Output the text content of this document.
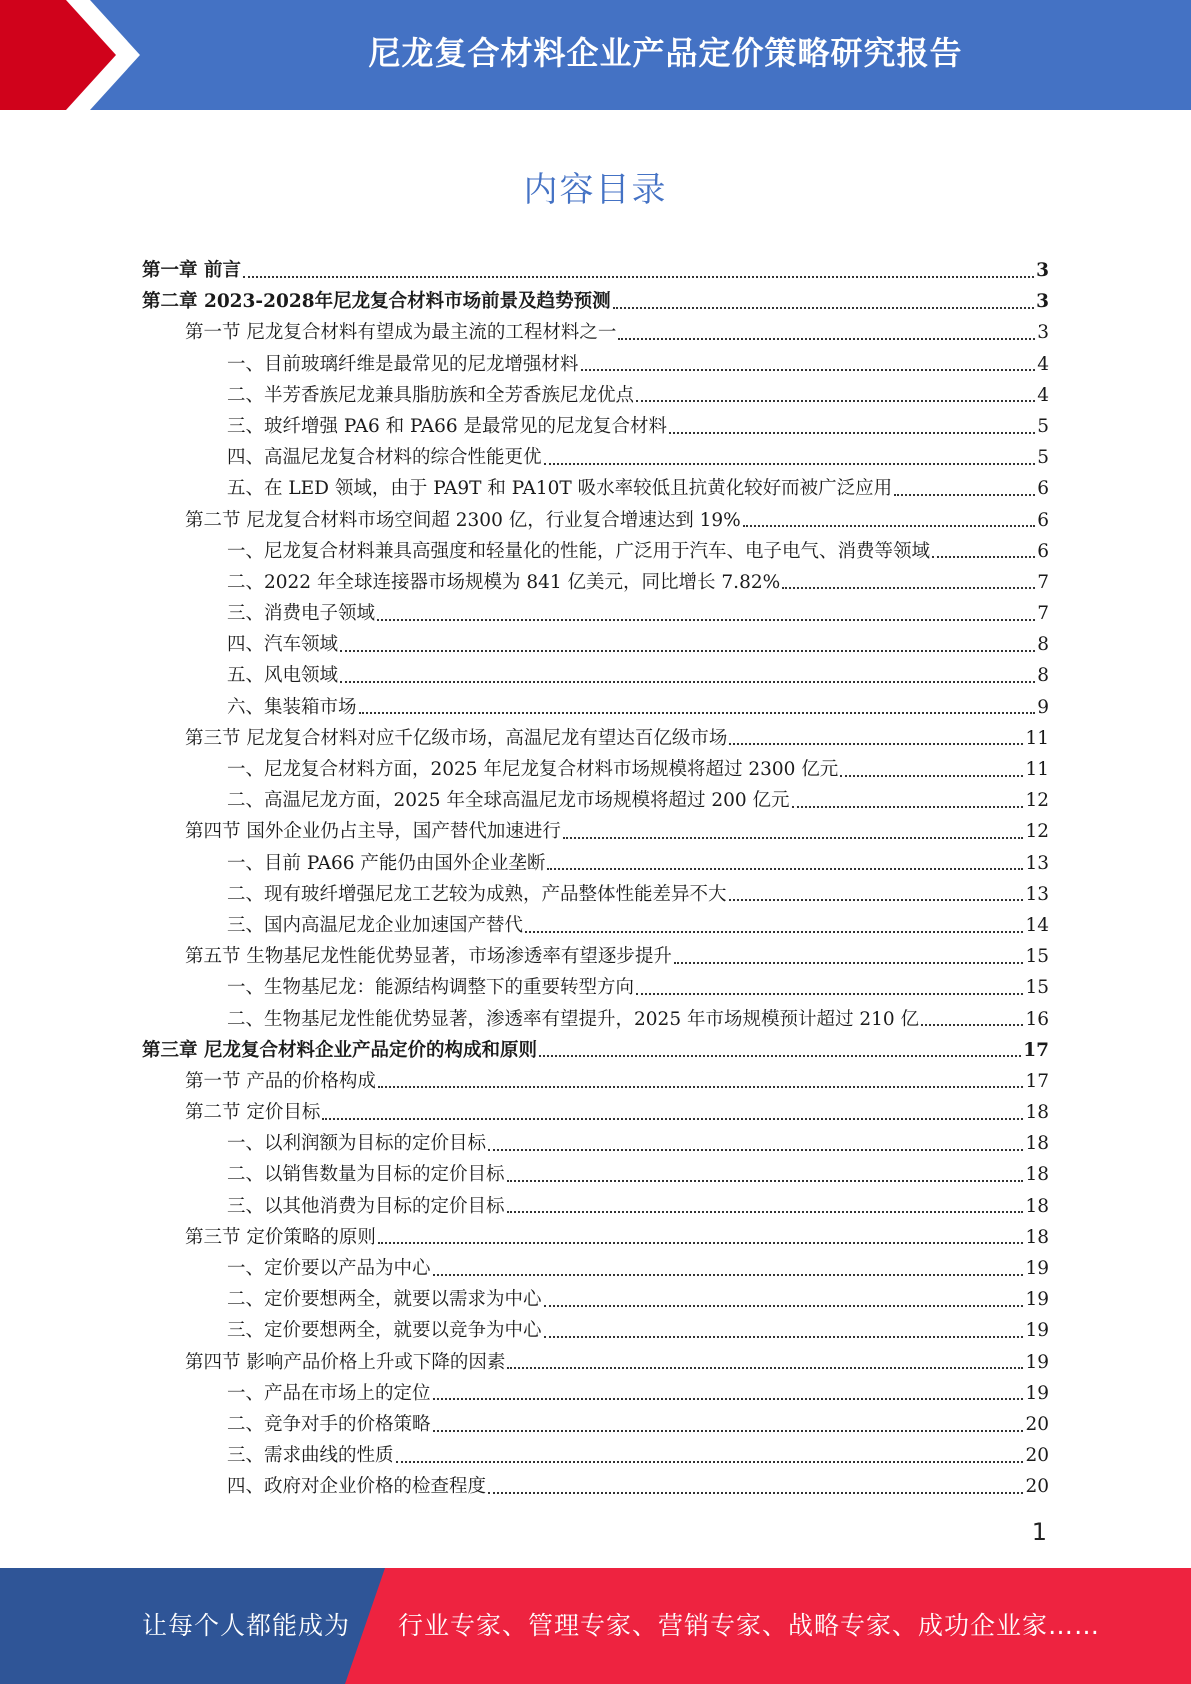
尼龙复合材料企业产品定价策略研究报告
内容目录
第一章 前言	3
第二章 2023-2028年尼龙复合材料市场前景及趋势预测	3
第一节 尼龙复合材料有望成为最主流的工程材料之一	3
一、目前玻璃纤维是最常见的尼龙增强材料	4
二、半芳香族尼龙兼具脂肪族和全芳香族尼龙优点	4
三、玻纤增强 PA6 和 PA66 是最常见的尼龙复合材料	5
四、高温尼龙复合材料的综合性能更优	5
五、在 LED 领域，由于 PA9T 和 PA10T 吸水率较低且抗黄化较好而被广泛应用	6
第二节 尼龙复合材料市场空间超 2300 亿，行业复合增速达到 19%	6
一、尼龙复合材料兼具高强度和轻量化的性能，广泛用于汽车、电子电气、消费等领域	6
二、2022 年全球连接器市场规模为 841 亿美元，同比增长 7.82%	7
三、消费电子领域	7
四、汽车领域	8
五、风电领域	8
六、集装箱市场	9
第三节 尼龙复合材料对应千亿级市场，高温尼龙有望达百亿级市场	11
一、尼龙复合材料方面，2025 年尼龙复合材料市场规模将超过 2300 亿元	11
二、高温尼龙方面，2025 年全球高温尼龙市场规模将超过 200 亿元	12
第四节 国外企业仍占主导，国产替代加速进行	12
一、目前 PA66 产能仍由国外企业垄断	13
二、现有玻纤增强尼龙工艺较为成熟，产品整体性能差异不大	13
三、国内高温尼龙企业加速国产替代	14
第五节 生物基尼龙性能优势显著，市场渗透率有望逐步提升	15
一、生物基尼龙：能源结构调整下的重要转型方向	15
二、生物基尼龙性能优势显著，渗透率有望提升，2025 年市场规模预计超过 210 亿	16
第三章 尼龙复合材料企业产品定价的构成和原则	17
第一节 产品的价格构成	17
第二节 定价目标	18
一、以利润额为目标的定价目标	18
二、以销售数量为目标的定价目标	18
三、以其他消费为目标的定价目标	18
第三节 定价策略的原则	18
一、定价要以产品为中心	19
二、定价要想两全，就要以需求为中心	19
三、定价要想两全，就要以竞争为中心	19
第四节 影响产品价格上升或下降的因素	19
一、产品在市场上的定位	19
二、竞争对手的价格策略	20
三、需求曲线的性质	20
四、政府对企业价格的检查程度	20
1
让每个人都能成为 行业专家、管理专家、营销专家、战略专家、成功企业家……
